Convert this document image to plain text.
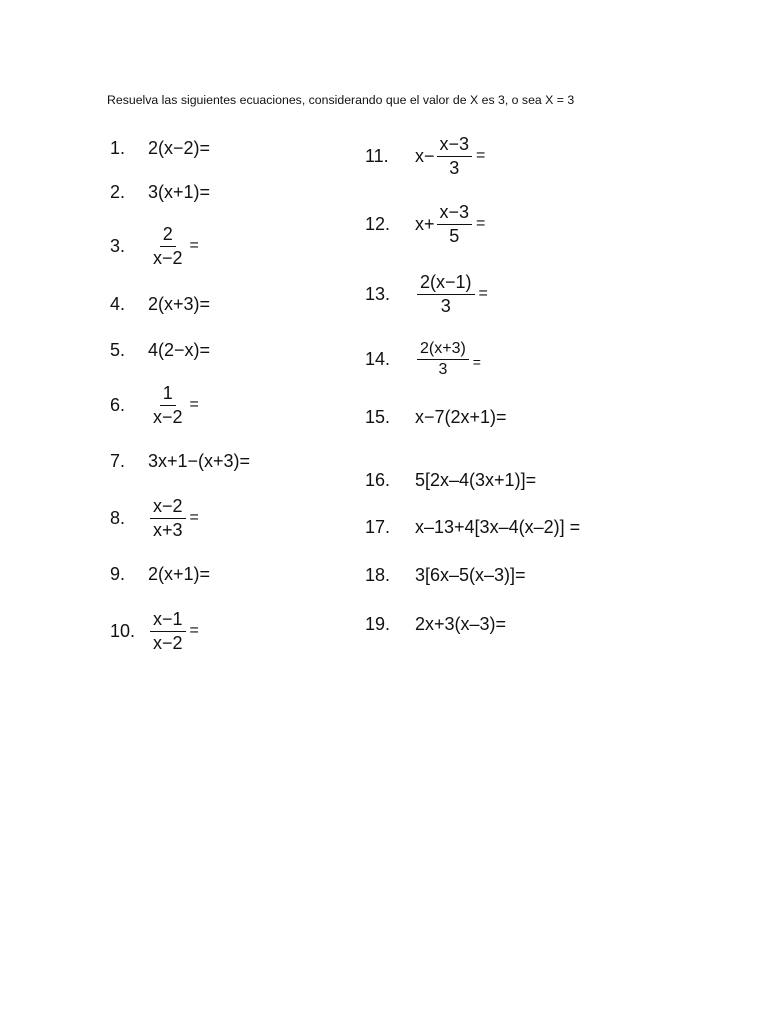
Resuelva las siguientes ecuaciones, considerando que el valor de X es 3, o sea X = 3
1.	2(x−2)=
2.	3(x+1)=
3.	$\frac{2}{x-2}$ =
4.	2(x+3)=
5.	4(2−x)=
6.	$\frac{1}{x-2}$ =
7.	3x+1−(x+3)=
8.	$\frac{x-2}{x+3}$ =
9.	2(x+1)=
10. $\frac{x-1}{x-2}$ =
11.	$x- \frac{x-3}{3}$ =
12.	$x+ \frac{x-3}{5}$ =
13.	$\frac{2(x-1)}{3}$ =
14.	$\frac{2(x+3)}{3}$ =
15.	x−7(2x+1)=
16.	5[2x–4(3x+1)]=
17.	x–13+4[3x–4(x–2)] =
18.	3[6x–5(x–3)]=
19.	2x+3(x–3)=
